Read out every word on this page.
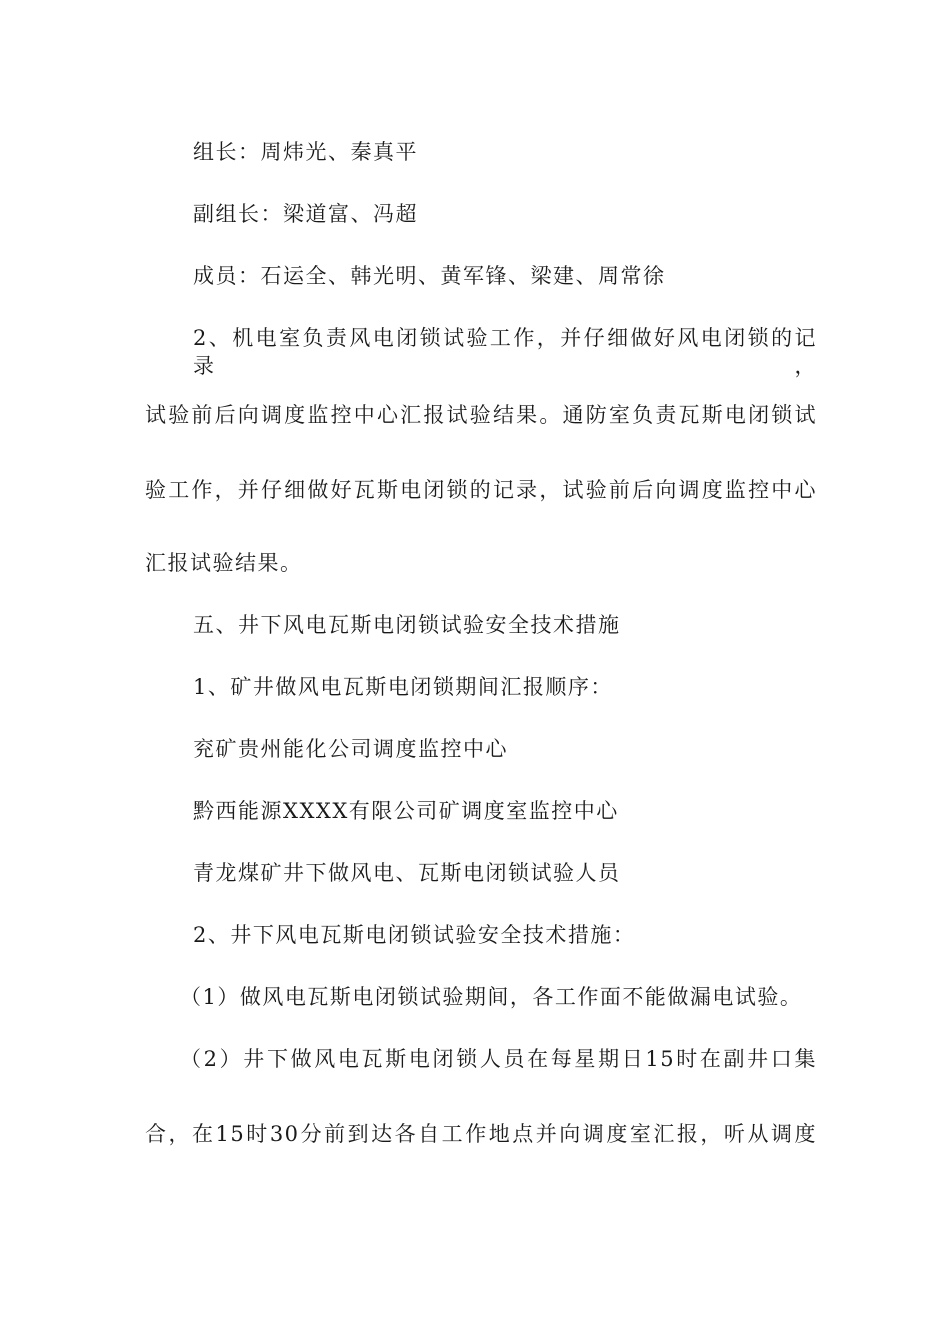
组长：周炜光、秦真平
副组长：梁道富、冯超
成员：石运全、韩光明、黄军锋、梁建、周常徐
2、机电室负责风电闭锁试验工作，并仔细做好风电闭锁的记录，
试验前后向调度监控中心汇报试验结果。通防室负责瓦斯电闭锁试
验工作，并仔细做好瓦斯电闭锁的记录，试验前后向调度监控中心
汇报试验结果。
五、井下风电瓦斯电闭锁试验安全技术措施
1、矿井做风电瓦斯电闭锁期间汇报顺序：
兖矿贵州能化公司调度监控中心
黔西能源XXXX有限公司矿调度室监控中心
青龙煤矿井下做风电、瓦斯电闭锁试验人员
2、井下风电瓦斯电闭锁试验安全技术措施：
（1）做风电瓦斯电闭锁试验期间，各工作面不能做漏电试验。
（2）井下做风电瓦斯电闭锁人员在每星期日15时在副井口集
合，在15时30分前到达各自工作地点并向调度室汇报，听从调度
